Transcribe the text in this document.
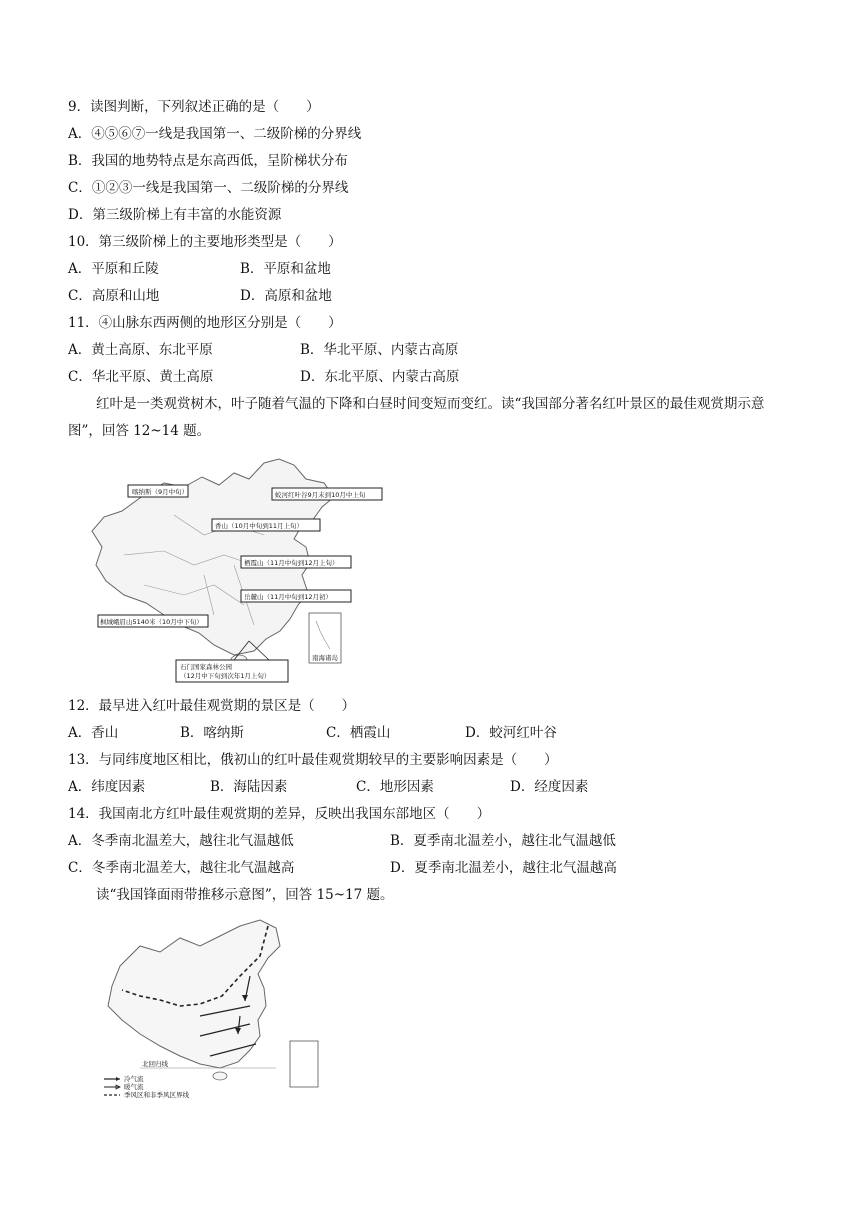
9．读图判断，下列叙述正确的是（　　）
A．④⑤⑥⑦一线是我国第一、二级阶梯的分界线
B．我国的地势特点是东高西低，呈阶梯状分布
C．①②③一线是我国第一、二级阶梯的分界线
D．第三级阶梯上有丰富的水能资源
10．第三级阶梯上的主要地形类型是（　　）
A．平原和丘陵	B．平原和盆地
C．高原和山地	D．高原和盆地
11．④山脉东西两侧的地形区分别是（　　）
A．黄土高原、东北平原	B．华北平原、内蒙古高原
C．华北平原、黄土高原	D．东北平原、内蒙古高原
红叶是一类观赏树木，叶子随着气温的下降和白昼时间变短而变红。读“我国部分著名红叶景区的最佳观赏期示意图”，回答 12~14 题。
南海诸岛
喀纳斯（9月中旬）	蛟河红叶谷9月末到10月中上旬
香山（10月中旬到11月上旬）
栖霞山（11月中旬到12月上旬）
岳麓山（11月中旬到12月初）
枫城峨眉山5140米（10月中下旬）
石门国家森林公园
（12月中下旬到次年1月上旬）
12．最早进入红叶最佳观赏期的景区是（　　）
A．香山	B．喀纳斯	C．栖霞山	D．蛟河红叶谷
13．与同纬度地区相比，俄初山的红叶最佳观赏期较早的主要影响因素是（　　）
A．纬度因素	B．海陆因素	C．地形因素	D．经度因素
14．我国南北方红叶最佳观赏期的差异，反映出我国东部地区（　　）
A．冬季南北温差大，越往北气温越低	B．夏季南北温差小，越往北气温越低
C．冬季南北温差大，越往北气温越高	D．夏季南北温差小，越往北气温越高
读“我国锋面雨带推移示意图”，回答 15~17 题。
北回归线
冷气流
暖气流
季风区和非季风区界线
